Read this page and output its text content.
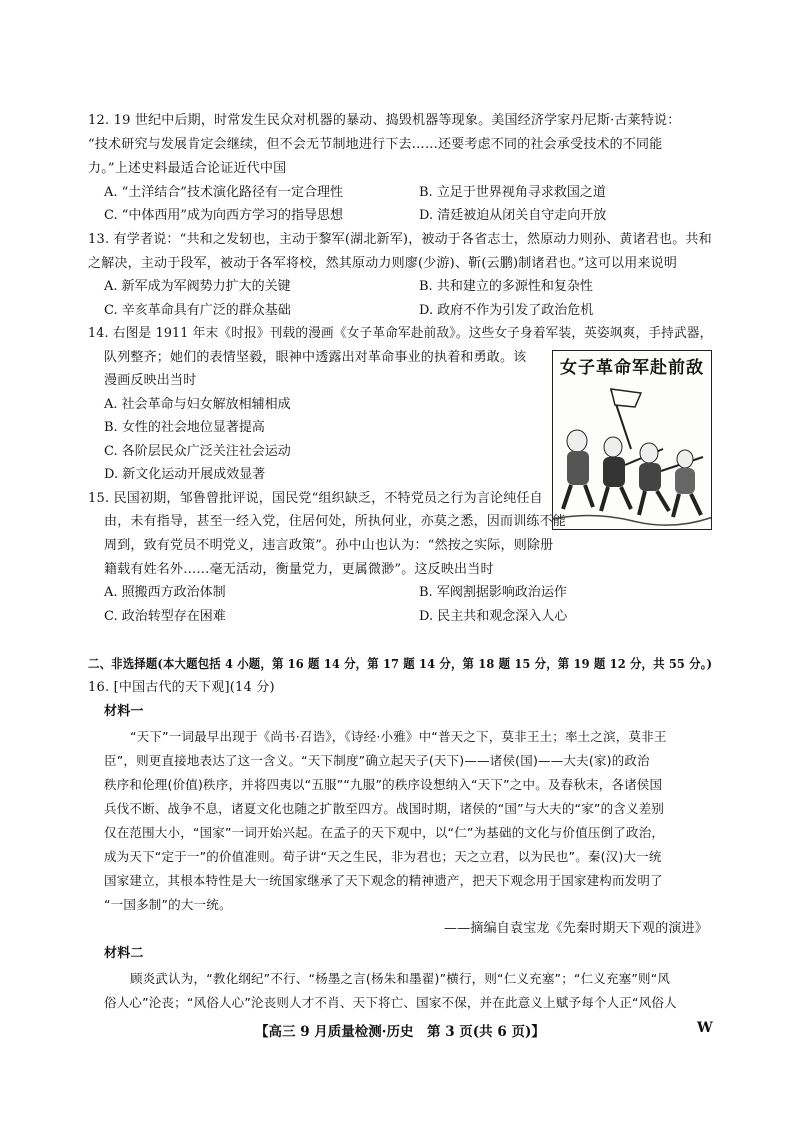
12. 19 世纪中后期，时常发生民众对机器的暴动、捣毁机器等现象。美国经济学家丹尼斯·古莱特说：
“技术研究与发展肯定会继续，但不会无节制地进行下去……还要考虑不同的社会承受技术的不同能
力。”上述史料最适合论证近代中国
A. “土洋结合”技术演化路径有一定合理性	B. 立足于世界视角寻求救国之道
C. “中体西用”成为向西方学习的指导思想	D. 清廷被迫从闭关自守走向开放
13. 有学者说：“共和之发轫也，主动于黎军(湖北新军)，被动于各省志士，然原动力则孙、黄诸君也。共和
之解决，主动于段军，被动于各军将校，然其原动力则廖(少游)、靳(云鹏)制诸君也。”这可以用来说明
A. 新军成为军阀势力扩大的关键	B. 共和建立的多源性和复杂性
C. 辛亥革命具有广泛的群众基础	D. 政府不作为引发了政治危机
14. 右图是 1911 年末《时报》刊载的漫画《女子革命军赴前敌》。这些女子身着军装，英姿飒爽，手持武器，
队列整齐；她们的表情坚毅，眼神中透露出对革命事业的执着和勇敢。该
漫画反映出当时
A. 社会革命与妇女解放相辅相成
B. 女性的社会地位显著提高
C. 各阶层民众广泛关注社会运动
D. 新文化运动开展成效显著
女子革命军赴前敌
15. 民国初期，邹鲁曾批评说，国民党“组织缺乏，不特党员之行为言论纯任自
由，未有指导，甚至一经入党，住居何处，所执何业，亦莫之悉，因而训练不能
周到，致有党员不明党义，违言政策”。孙中山也认为：“然按之实际，则除册
籍载有姓名外……毫无活动，衡量党力，更属微渺”。这反映出当时
A. 照搬西方政治体制	B. 军阀割据影响政治运作
C. 政治转型存在困难	D. 民主共和观念深入人心
二、非选择题(本大题包括 4 小题，第 16 题 14 分，第 17 题 14 分，第 18 题 15 分，第 19 题 12 分，共 55 分。)
16. [中国古代的天下观](14 分)
材料一
“天下”一词最早出现于《尚书·召诰》，《诗经·小雅》中“普天之下，莫非王土；率土之滨，莫非王
臣”，则更直接地表达了这一含义。“天下制度”确立起天子(天下)——诸侯(国)——大夫(家)的政治
秩序和伦理(价值)秩序，并将四夷以“五服”“九服”的秩序设想纳入“天下”之中。及春秋末，各诸侯国
兵伐不断、战争不息，诸夏文化也随之扩散至四方。战国时期，诸侯的“国”与大夫的“家”的含义差别
仅在范围大小，“国家”一词开始兴起。在孟子的天下观中，以“仁”为基础的文化与价值压倒了政治，
成为天下“定于一”的价值准则。荀子讲“天之生民，非为君也；天之立君，以为民也”。秦(汉)大一统
国家建立，其根本特性是大一统国家继承了天下观念的精神遗产，把天下观念用于国家建构而发明了
“一国多制”的大一统。
——摘编自袁宝龙《先秦时期天下观的演进》
材料二
顾炎武认为，“教化纲纪”不行、“杨墨之言(杨朱和墨翟)”横行，则“仁义充塞”；“仁义充塞”则“风
俗人心”沦丧；“风俗人心”沦丧则人才不肖、天下将亡、国家不保，并在此意义上赋予每个人正“风俗人
【高三 9 月质量检测·历史　第 3 页(共 6 页)】	W
